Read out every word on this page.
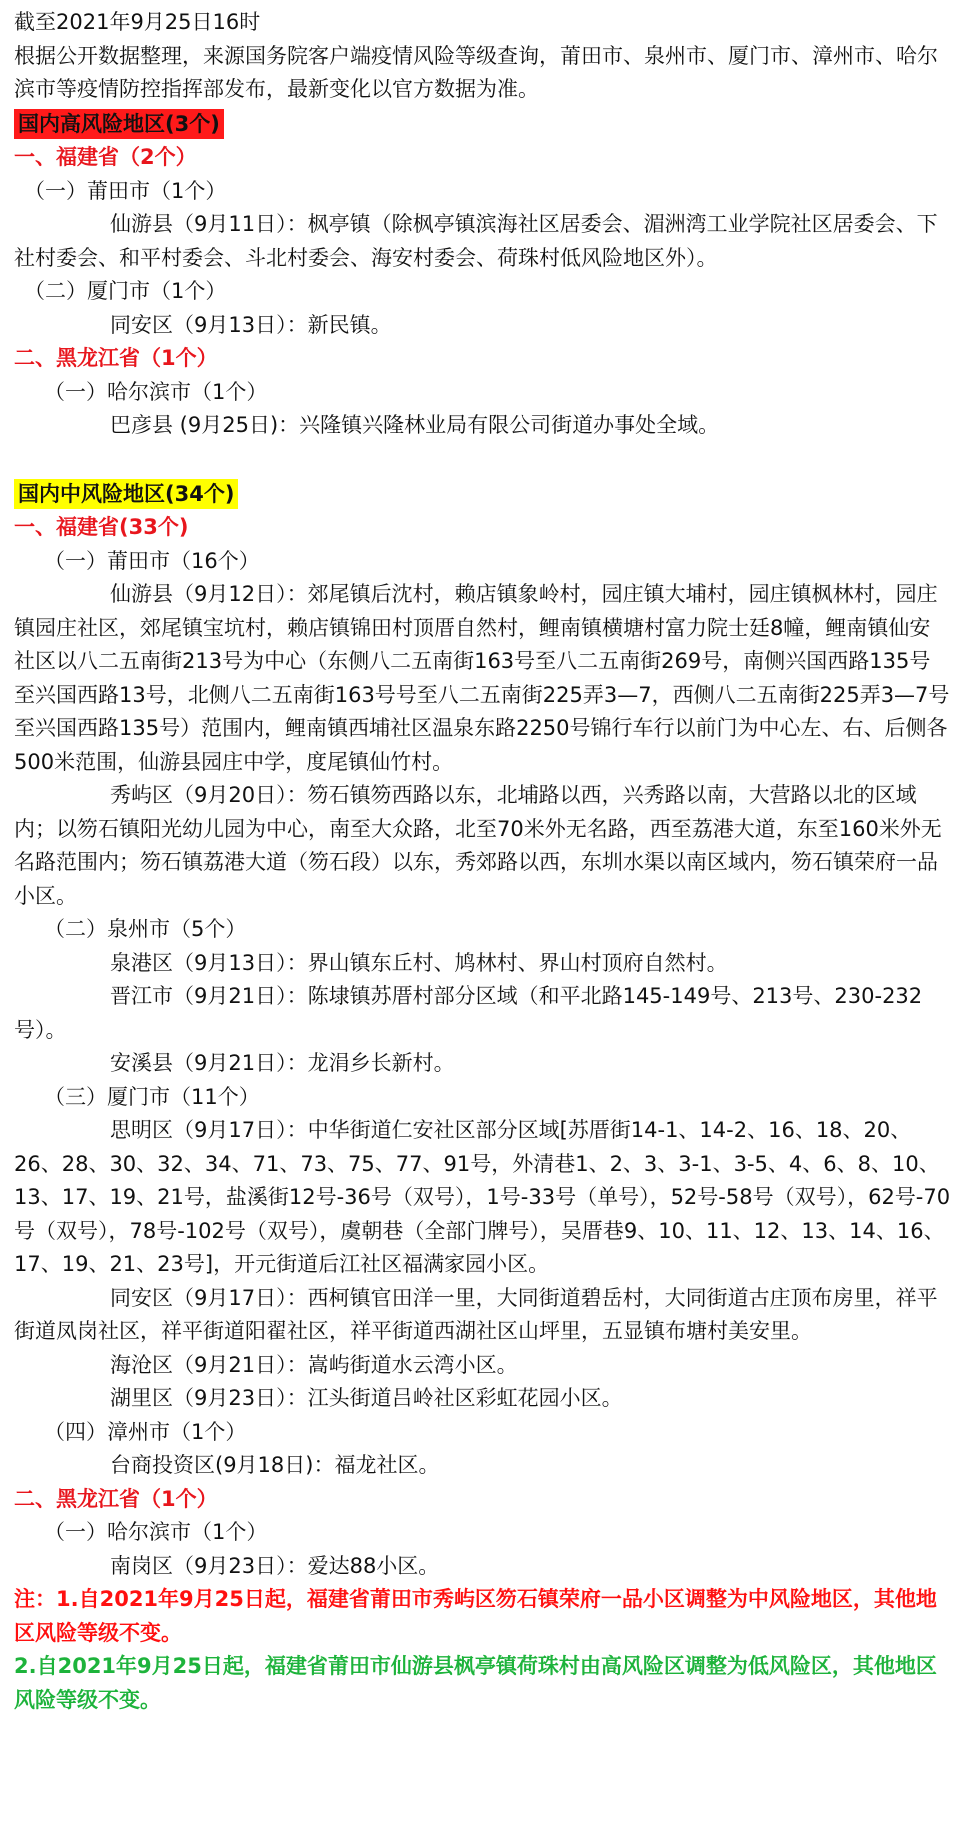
截至2021年9月25日16时

根据公开数据整理，来源国务院客户端疫情风险等级查询，莆田市、泉州市、厦门市、漳州市、哈尔滨市等疫情防控指挥部发布，最新变化以官方数据为准。

国内高风险地区(3个)

一、福建省（2个）

（一）莆田市（1个）

仙游县（9月11日）：枫亭镇（除枫亭镇滨海社区居委会、湄洲湾工业学院社区居委会、下社村委会、和平村委会、斗北村委会、海安村委会、荷珠村低风险地区外）。

（二）厦门市（1个）

同安区（9月13日）：新民镇。

二、黑龙江省（1个）

（一）哈尔滨市（1个）

巴彦县 (9月25日)：兴隆镇兴隆林业局有限公司街道办事处全域。

国内中风险地区(34个)

一、福建省(33个)

（一）莆田市（16个）

仙游县（9月12日）：郊尾镇后沈村，赖店镇象岭村，园庄镇大埔村，园庄镇枫林村，园庄镇园庄社区，郊尾镇宝坑村，赖店镇锦田村顶厝自然村，鲤南镇横塘村富力院士廷8幢，鲤南镇仙安社区以八二五南街213号为中心（东侧八二五南街163号至八二五南街269号，南侧兴国西路135号至兴国西路13号，北侧八二五南街163号号至八二五南街225弄3—7，西侧八二五南街225弄3—7号至兴国西路135号）范围内，鲤南镇西埔社区温泉东路2250号锦行车行以前门为中心左、右、后侧各500米范围，仙游县园庄中学，度尾镇仙竹村。

秀屿区（9月20日）：笏石镇笏西路以东，北埔路以西，兴秀路以南，大营路以北的区域内；以笏石镇阳光幼儿园为中心，南至大众路，北至70米外无名路，西至荔港大道，东至160米外无名路范围内；笏石镇荔港大道（笏石段）以东，秀郊路以西，东圳水渠以南区域内，笏石镇荣府一品小区。

（二）泉州市（5个）

泉港区（9月13日）：界山镇东丘村、鸠林村、界山村顶府自然村。

晋江市（9月21日）：陈埭镇苏厝村部分区域（和平北路145-149号、213号、230-232号）。

安溪县（9月21日）：龙涓乡长新村。

（三）厦门市（11个）

思明区（9月17日）：中华街道仁安社区部分区域[苏厝街14-1、14-2、16、18、20、26、28、30、32、34、71、73、75、77、91号，外清巷1、2、3、3-1、3-5、4、6、8、10、13、17、19、21号，盐溪街12号-36号（双号），1号-33号（单号），52号-58号（双号），62号-70号（双号），78号-102号（双号），虞朝巷（全部门牌号），吴厝巷9、10、11、12、13、14、16、17、19、21、23号]，开元街道后江社区福满家园小区。

同安区（9月17日）：西柯镇官田洋一里，大同街道碧岳村，大同街道古庄顶布房里，祥平街道凤岗社区，祥平街道阳翟社区，祥平街道西湖社区山坪里，五显镇布塘村美安里。

海沧区（9月21日）：嵩屿街道水云湾小区。

湖里区（9月23日）：江头街道吕岭社区彩虹花园小区。

（四）漳州市（1个）

台商投资区(9月18日)：福龙社区。

二、黑龙江省（1个）

（一）哈尔滨市（1个）

南岗区（9月23日）：爱达88小区。

注：1.自2021年9月25日起，福建省莆田市秀屿区笏石镇荣府一品小区调整为中风险地区，其他地区风险等级不变。

2.自2021年9月25日起，福建省莆田市仙游县枫亭镇荷珠村由高风险区调整为低风险区，其他地区风险等级不变。
